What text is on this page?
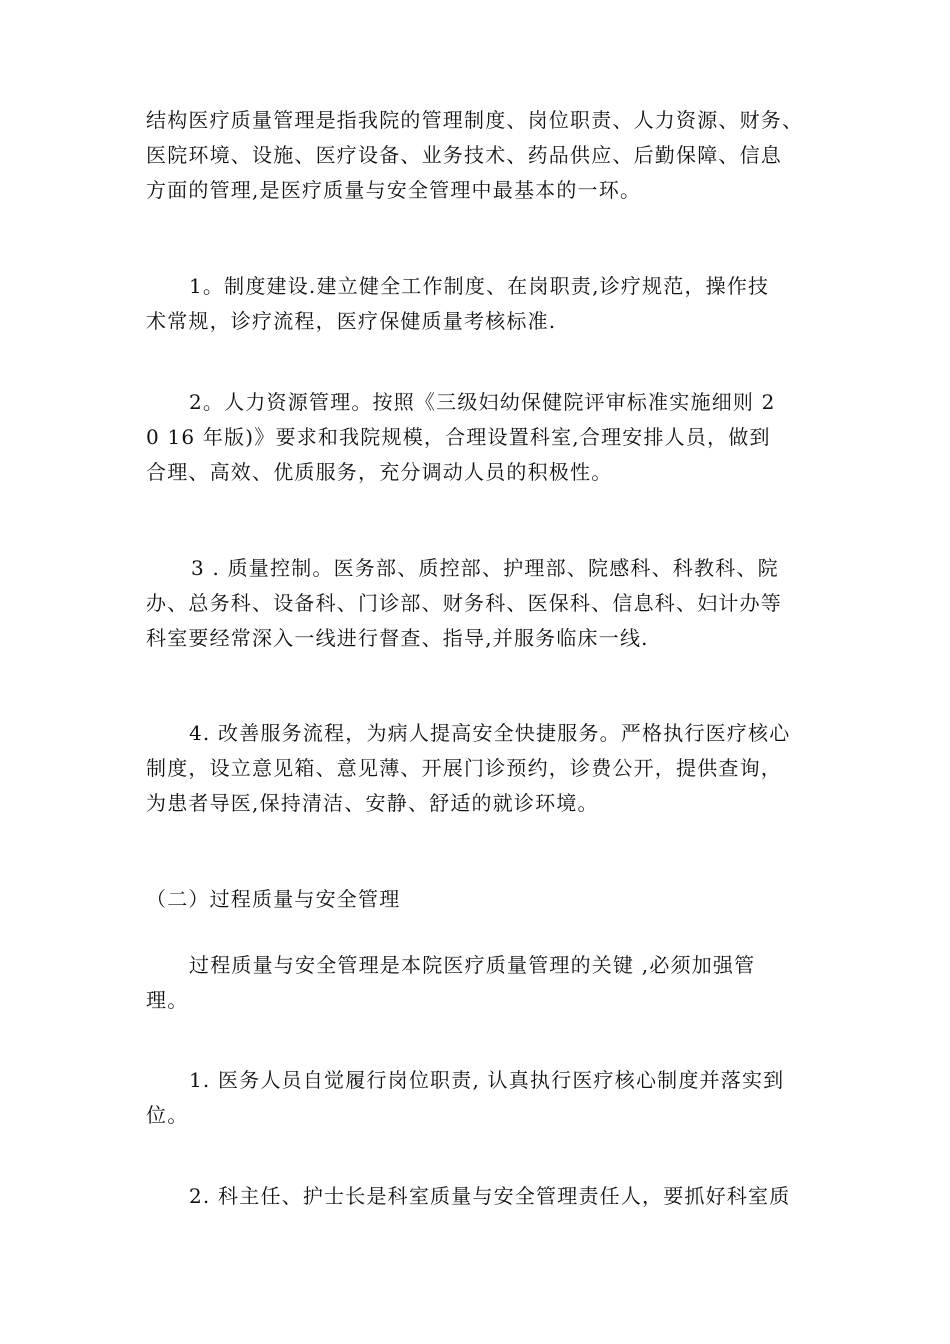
结构医疗质量管理是指我院的管理制度、岗位职责、人力资源、财务、
医院环境、设施、医疗设备、业务技术、药品供应、后勤保障、信息
方面的管理,是医疗质量与安全管理中最基本的一环。

1。制度建设.建立健全工作制度、在岗职责,诊疗规范，操作技
术常规，诊疗流程，医疗保健质量考核标准.

2。人力资源管理。按照《三级妇幼保健院评审标准实施细则 2
0 16 年版)》要求和我院规模，合理设置科室,合理安排人员，做到
合理、高效、优质服务，充分调动人员的积极性。

3 . 质量控制。医务部、质控部、护理部、院感科、科教科、院
办、总务科、设备科、门诊部、财务科、医保科、信息科、妇计办等
科室要经常深入一线进行督查、指导,并服务临床一线.

4. 改善服务流程，为病人提高安全快捷服务。严格执行医疗核心
制度，设立意见箱、意见薄、开展门诊预约，诊费公开，提供查询，
为患者导医,保持清洁、安静、舒适的就诊环境。

（二）过程质量与安全管理

过程质量与安全管理是本院医疗质量管理的关键 ,必须加强管
理。

1. 医务人员自觉履行岗位职责, 认真执行医疗核心制度并落实到
位。

2. 科主任、护士长是科室质量与安全管理责任人，要抓好科室质
